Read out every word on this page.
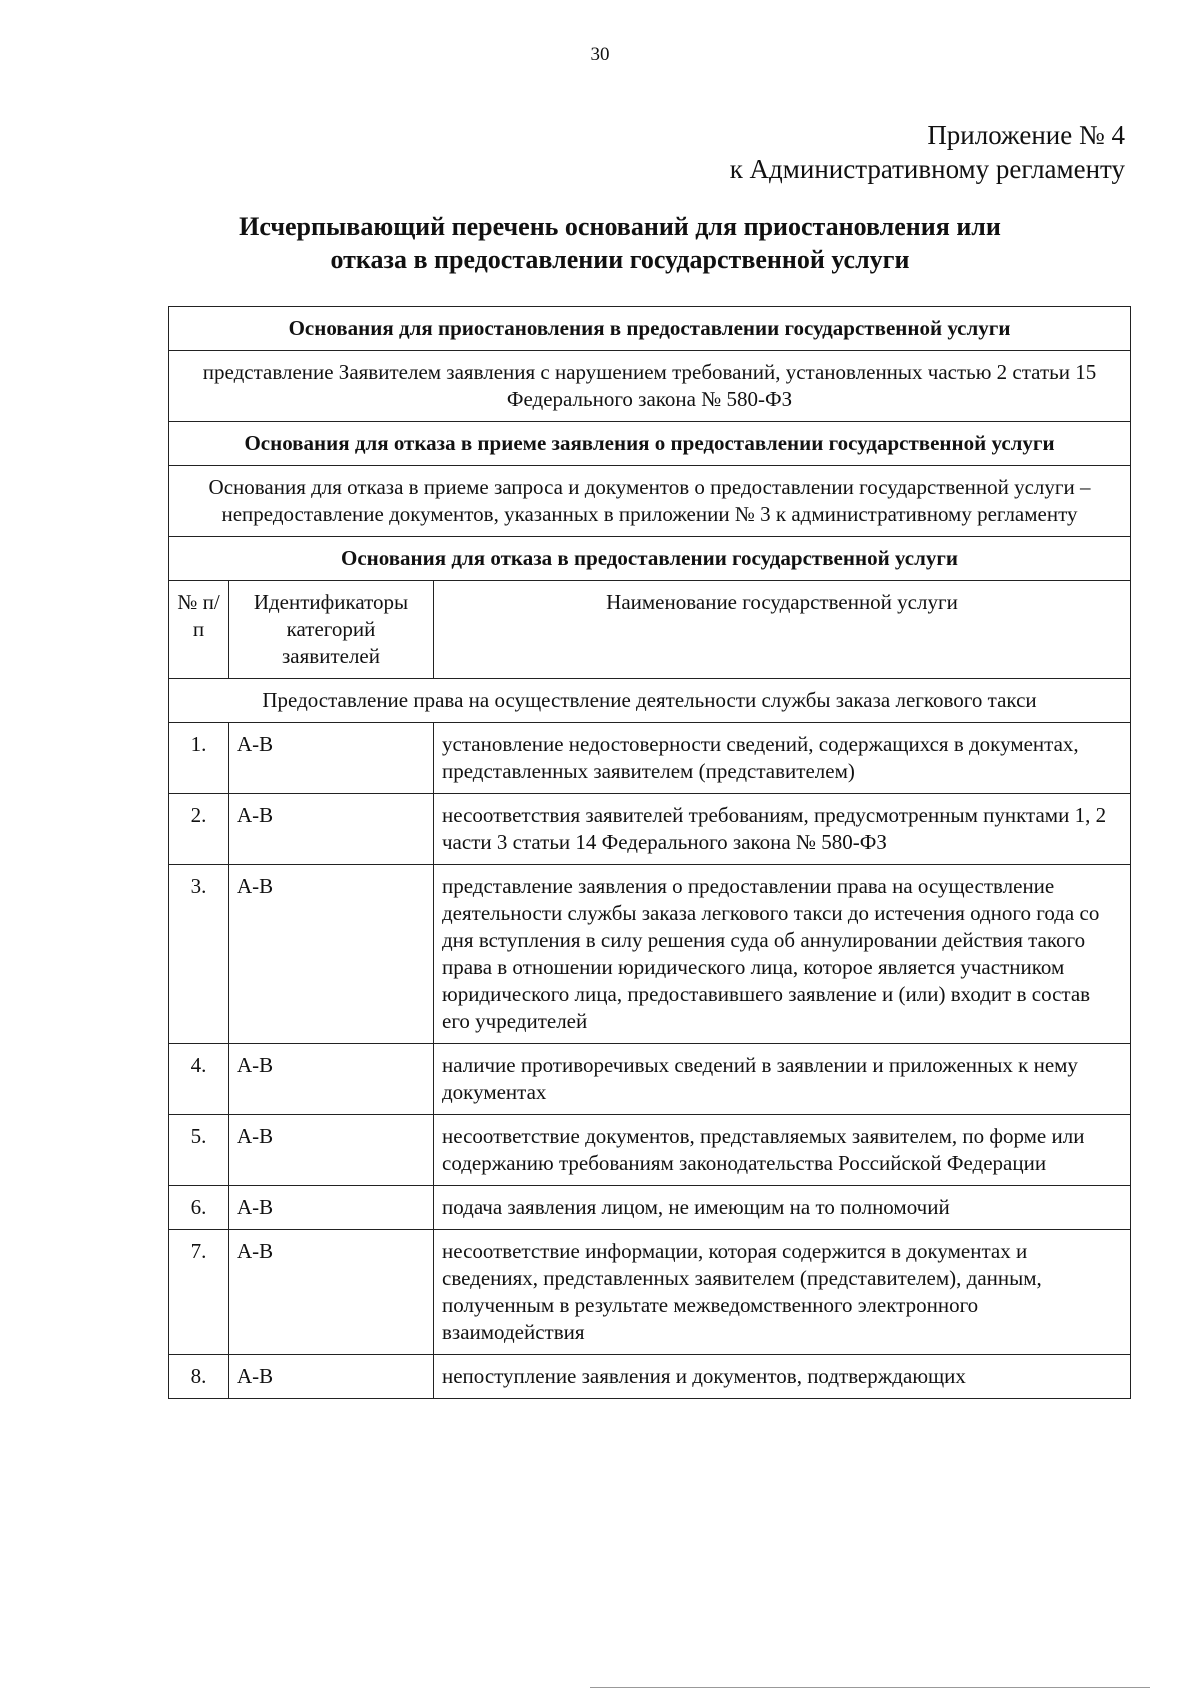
30
Приложение № 4
к Административному регламенту
Исчерпывающий перечень оснований для приостановления или
отказа в предоставлении государственной услуги
Основания для приостановления в предоставлении государственной услуги		
представление Заявителем заявления с нарушением требований, установленных частью 2 статьи 15 Федерального закона № 580-ФЗ		
Основания для отказа в приеме заявления о предоставлении государственной услуги		
Основания для отказа в приеме запроса и документов о предоставлении государственной услуги – непредоставление документов, указанных в приложении № 3 к административному регламенту		
Основания для отказа в предоставлении государственной услуги		
№ п/п	Идентификаторы категорий заявителей	Наименование государственной услуги
Предоставление права на осуществление деятельности службы заказа легкового такси		
1.	А-В	установление недостоверности сведений, содержащихся в документах, представленных заявителем (представителем)
2.	А-В	несоответствия заявителей требованиям, предусмотренным пунктами 1, 2 части 3 статьи 14 Федерального закона № 580-ФЗ
3.	А-В	представление заявления о предоставлении права на осуществление деятельности службы заказа легкового такси до истечения одного года со дня вступления в силу решения суда об аннулировании действия такого права в отношении юридического лица, которое является участником юридического лица, предоставившего заявление и (или) входит в состав его учредителей
4.	А-В	наличие противоречивых сведений в заявлении и приложенных к нему документах
5.	А-В	несоответствие документов, представляемых заявителем, по форме или содержанию требованиям законодательства Российской Федерации
6.	А-В	подача заявления лицом, не имеющим на то полномочий
7.	А-В	несоответствие информации, которая содержится в документах и сведениях, представленных заявителем (представителем), данным, полученным в результате межведомственного электронного взаимодействия
8.	А-В	непоступление заявления и документов, подтверждающих
